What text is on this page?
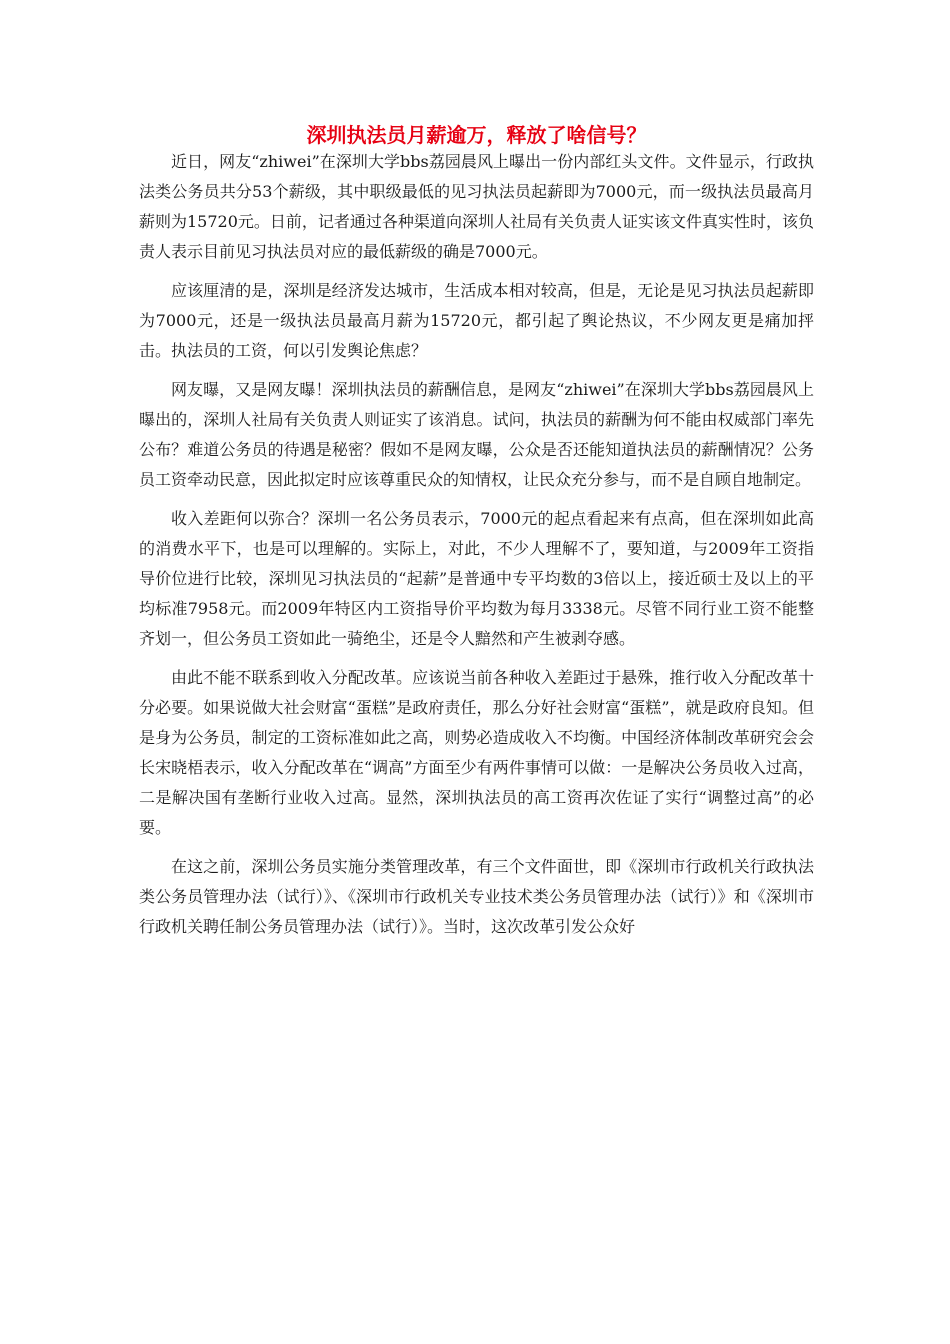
深圳执法员月薪逾万，释放了啥信号？

近日，网友“zhiwei”在深圳大学bbs荔园晨风上曝出一份内部红头文件。文件显示，行政执法类公务员共分53个薪级，其中职级最低的见习执法员起薪即为7000元，而一级执法员最高月薪则为15720元。日前，记者通过各种渠道向深圳人社局有关负责人证实该文件真实性时，该负责人表示目前见习执法员对应的最低薪级的确是7000元。

应该厘清的是，深圳是经济发达城市，生活成本相对较高，但是，无论是见习执法员起薪即为7000元，还是一级执法员最高月薪为15720元，都引起了舆论热议，不少网友更是痛加抨击。执法员的工资，何以引发舆论焦虑？

网友曝，又是网友曝！深圳执法员的薪酬信息，是网友“zhiwei”在深圳大学bbs荔园晨风上曝出的，深圳人社局有关负责人则证实了该消息。试问，执法员的薪酬为何不能由权威部门率先公布？难道公务员的待遇是秘密？假如不是网友曝，公众是否还能知道执法员的薪酬情况？公务员工资牵动民意，因此拟定时应该尊重民众的知情权，让民众充分参与，而不是自顾自地制定。

收入差距何以弥合？深圳一名公务员表示，7000元的起点看起来有点高，但在深圳如此高的消费水平下，也是可以理解的。实际上，对此，不少人理解不了，要知道，与2009年工资指导价位进行比较，深圳见习执法员的“起薪”是普通中专平均数的3倍以上，接近硕士及以上的平均标准7958元。而2009年特区内工资指导价平均数为每月3338元。尽管不同行业工资不能整齐划一，但公务员工资如此一骑绝尘，还是令人黯然和产生被剥夺感。

由此不能不联系到收入分配改革。应该说当前各种收入差距过于悬殊，推行收入分配改革十分必要。如果说做大社会财富“蛋糕”是政府责任，那么分好社会财富“蛋糕”，就是政府良知。但是身为公务员，制定的工资标准如此之高，则势必造成收入不均衡。中国经济体制改革研究会会长宋晓梧表示，收入分配改革在“调高”方面至少有两件事情可以做：一是解决公务员收入过高，二是解决国有垄断行业收入过高。显然，深圳执法员的高工资再次佐证了实行“调整过高”的必要。

在这之前，深圳公务员实施分类管理改革，有三个文件面世，即《深圳市行政机关行政执法类公务员管理办法（试行）》、《深圳市行政机关专业技术类公务员管理办法（试行）》和《深圳市行政机关聘任制公务员管理办法（试行）》。当时，这次改革引发公众好
